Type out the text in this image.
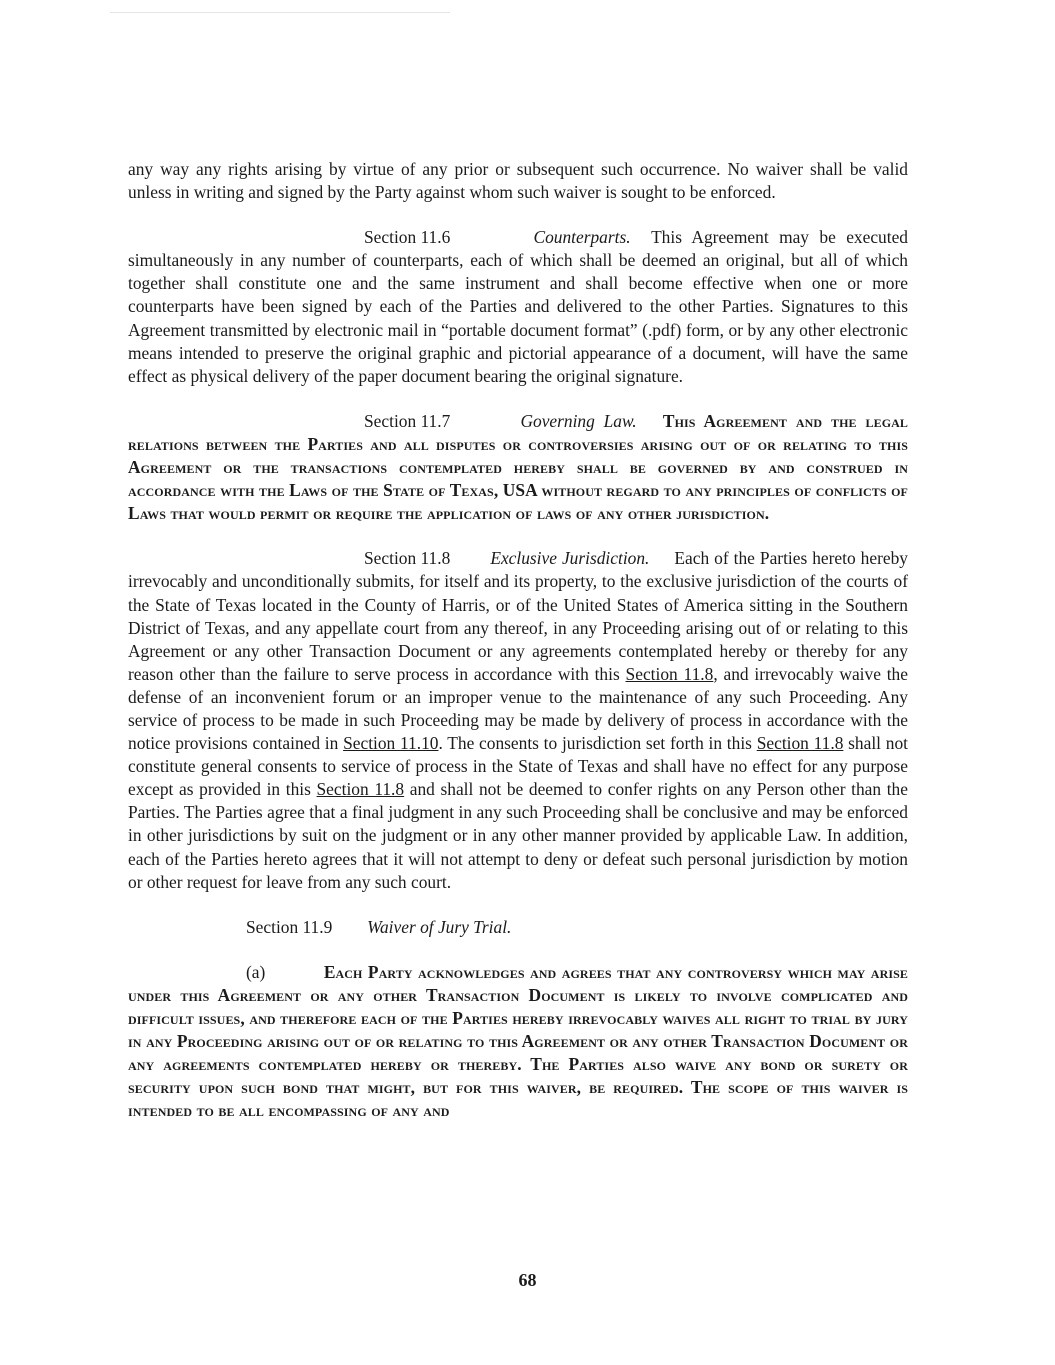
any way any rights arising by virtue of any prior or subsequent such occurrence. No waiver shall be valid unless in writing and signed by the Party against whom such waiver is sought to be enforced.

Section 11.6	Counterparts. This Agreement may be executed simultaneously in any number of counterparts, each of which shall be deemed an original, but all of which together shall constitute one and the same instrument and shall become effective when one or more counterparts have been signed by each of the Parties and delivered to the other Parties. Signatures to this Agreement transmitted by electronic mail in “portable document format” (.pdf) form, or by any other electronic means intended to preserve the original graphic and pictorial appearance of a document, will have the same effect as physical delivery of the paper document bearing the original signature.

Section 11.7	Governing Law. This Agreement and the legal relations between the Parties and all disputes or controversies arising out of or relating to this Agreement or the transactions contemplated hereby shall be governed by and construed in accordance with the Laws of the State of Texas, USA without regard to any principles of conflicts of Laws that would permit or require the application of laws of any other jurisdiction.

Section 11.8 Exclusive Jurisdiction. Each of the Parties hereto hereby irrevocably and unconditionally submits, for itself and its property, to the exclusive jurisdiction of the courts of the State of Texas located in the County of Harris, or of the United States of America sitting in the Southern District of Texas, and any appellate court from any thereof, in any Proceeding arising out of or relating to this Agreement or any other Transaction Document or any agreements contemplated hereby or thereby for any reason other than the failure to serve process in accordance with this Section 11.8, and irrevocably waive the defense of an inconvenient forum or an improper venue to the maintenance of any such Proceeding. Any service of process to be made in such Proceeding may be made by delivery of process in accordance with the notice provisions contained in Section 11.10. The consents to jurisdiction set forth in this Section 11.8 shall not constitute general consents to service of process in the State of Texas and shall have no effect for any purpose except as provided in this Section 11.8 and shall not be deemed to confer rights on any Person other than the Parties. The Parties agree that a final judgment in any such Proceeding shall be conclusive and may be enforced in other jurisdictions by suit on the judgment or in any other manner provided by applicable Law. In addition, each of the Parties hereto agrees that it will not attempt to deny or defeat such personal jurisdiction by motion or other request for leave from any such court.

Section 11.9 Waiver of Jury Trial.

(a)	Each Party acknowledges and agrees that any controversy which may arise under this Agreement or any other Transaction Document is likely to involve complicated and difficult issues, and therefore each of the Parties hereby irrevocably waives all right to trial by jury in any Proceeding arising out of or relating to this Agreement or any other Transaction Document or any agreements contemplated hereby or thereby. The Parties also waive any bond or surety or security upon such bond that might, but for this waiver, be required. The scope of this waiver is intended to be all encompassing of any and

68
